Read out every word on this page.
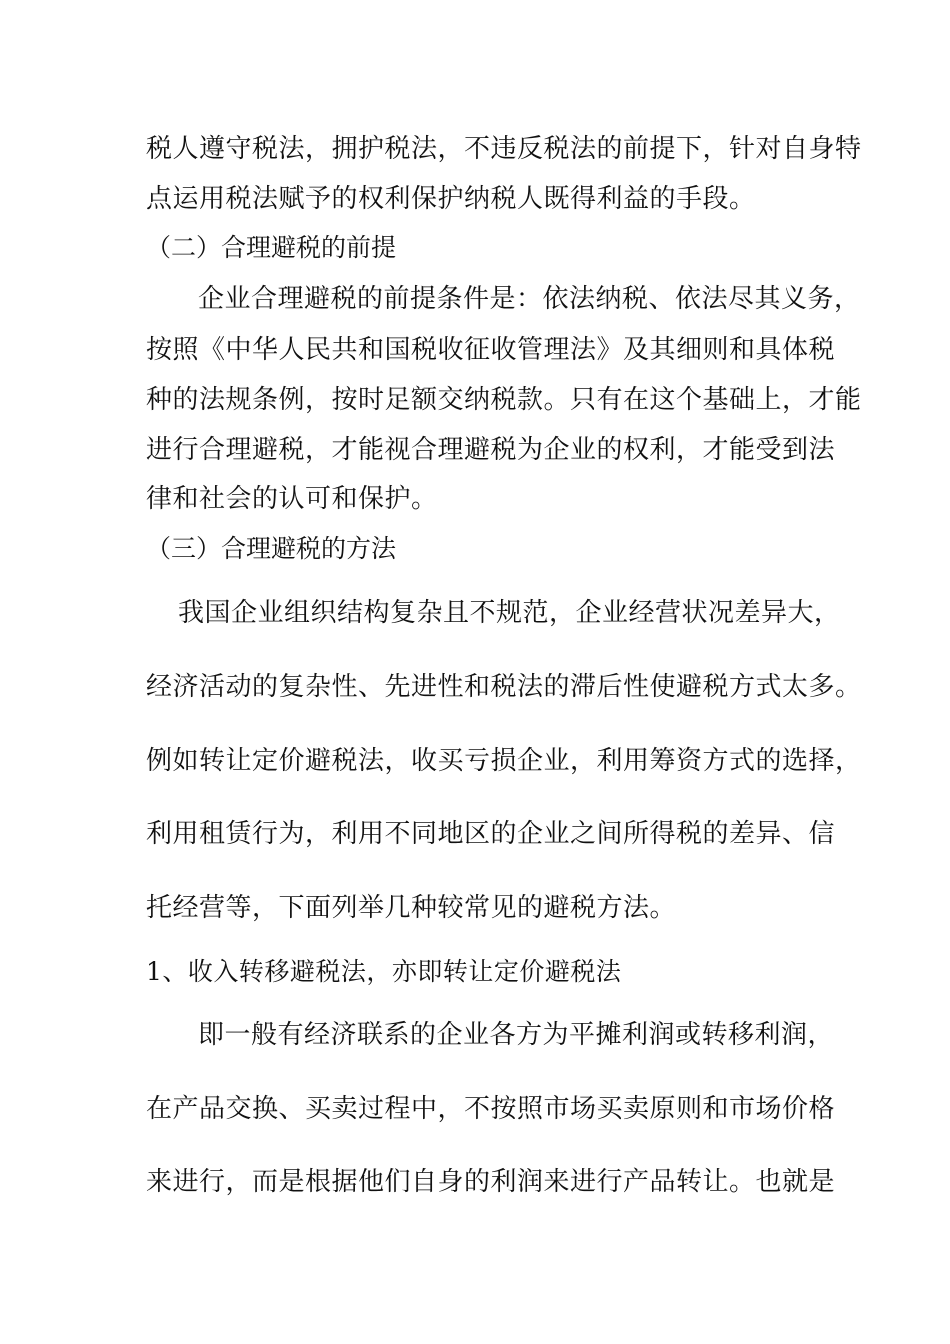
税人遵守税法，拥护税法，不违反税法的前提下，针对自身特
点运用税法赋予的权利保护纳税人既得利益的手段。
（二）合理避税的前提
企业合理避税的前提条件是：依法纳税、依法尽其义务，
按照《中华人民共和国税收征收管理法》及其细则和具体税
种的法规条例，按时足额交纳税款。只有在这个基础上，才能
进行合理避税，才能视合理避税为企业的权利，才能受到法
律和社会的认可和保护。
（三）合理避税的方法
我国企业组织结构复杂且不规范，企业经营状况差异大，
经济活动的复杂性、先进性和税法的滞后性使避税方式太多。
例如转让定价避税法，收买亏损企业，利用筹资方式的选择，
利用租赁行为，利用不同地区的企业之间所得税的差异、信
托经营等，下面列举几种较常见的避税方法。
1、收入转移避税法，亦即转让定价避税法
即一般有经济联系的企业各方为平摊利润或转移利润，
在产品交换、买卖过程中，不按照市场买卖原则和市场价格
来进行，而是根据他们自身的利润来进行产品转让。也就是
